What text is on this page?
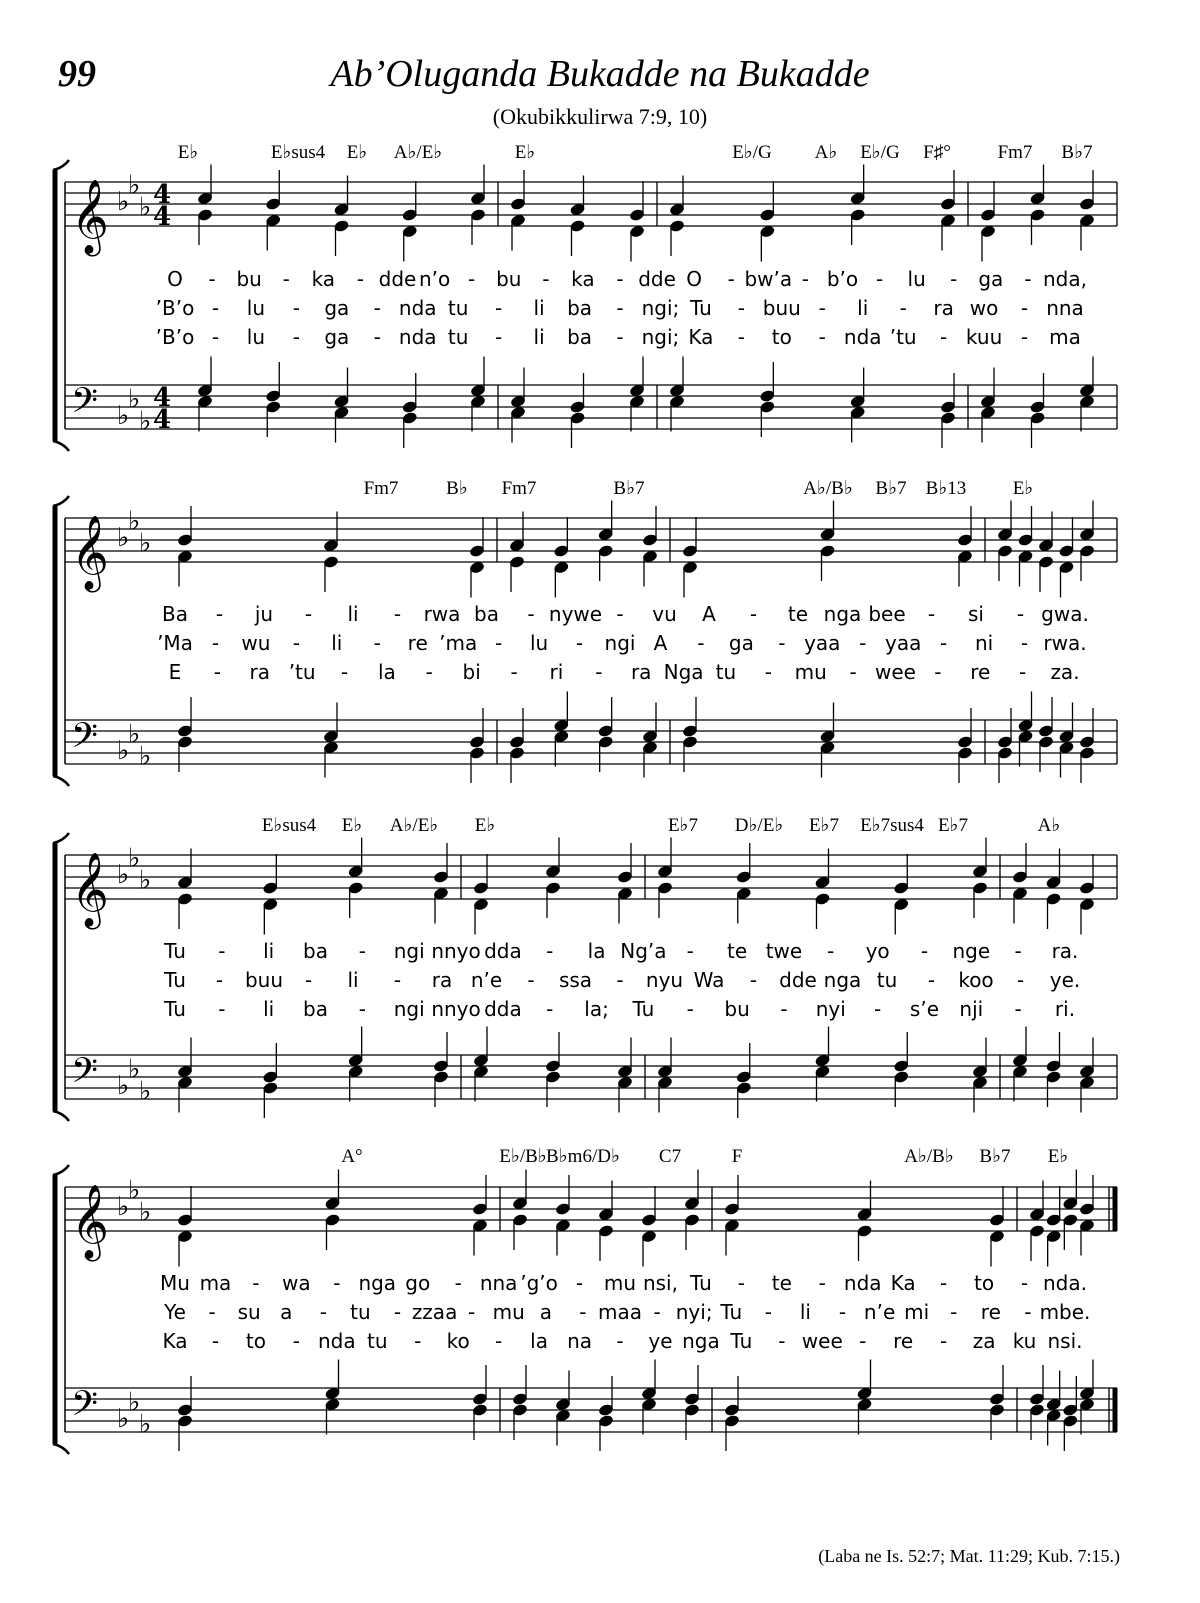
99	Ab’Oluganda Bukadde na Bukadde
(Okubikkulirwa 7:9, 10)
𝄞
𝄢
♭
♭
♭
♭
♭
♭
4
4
4
4
E♭	E♭sus4 E♭ A♭/E♭	E♭	E♭/G A♭ E♭/G F♯° Fm7 B♭7
O - bu - ka - dde n’o - bu - ka - dde O - bw’a - b’o - lu - ga - nda,
’B’o - lu - ga - nda tu - li ba - ngi; Tu - buu - li - ra wo - nna
’B’o - lu - ga - nda tu - li ba - ngi; Ka - to - nda ’tu - kuu - ma
𝄞
𝄢
♭
♭
♭
♭
♭
♭
Fm7	B♭ Fm7	B♭7	A♭/B♭ B♭7 B♭13 E♭
Ba - ju - li - rwa ba - nywe - vu A - te nga bee - si - gwa.
’Ma - wu - li - re ’ma - lu - ngi A - ga - yaa - yaa - ni - rwa.
E - ra ’tu - la - bi - ri - ra Nga tu - mu - wee - re - za.
𝄞
𝄢
♭
♭
♭
♭
♭
♭
E♭sus4 E♭ A♭/E♭ E♭	E♭7 D♭/E♭ E♭7 E♭7sus4 E♭7	A♭
Tu - li ba - ngi nnyo dda - la Ng’a - te twe - yo - nge - ra.
Tu - buu - li - ra n’e - ssa - nyu Wa - dde nga tu - koo - ye.
Tu - li ba - ngi nnyo dda - la; Tu - bu - nyi - s’e nji - ri.
𝄞
𝄢
♭
♭
♭
♭
♭
♭
A°	E♭/B♭ B♭m6/D♭ C7	F	A♭/B♭ B♭7 E♭
Mu ma - wa - nga go - nna ’g’o - mu nsi, Tu - te - nda Ka - to - nda.
Ye - su a - tu - zzaa - mu a - maa - nyi; Tu - li - n’e mi - re - mbe.
Ka - to - nda tu - ko - la na - ye nga Tu - wee - re - za ku nsi.
(Laba ne Is. 52:7; Mat. 11:29; Kub. 7:15.)
